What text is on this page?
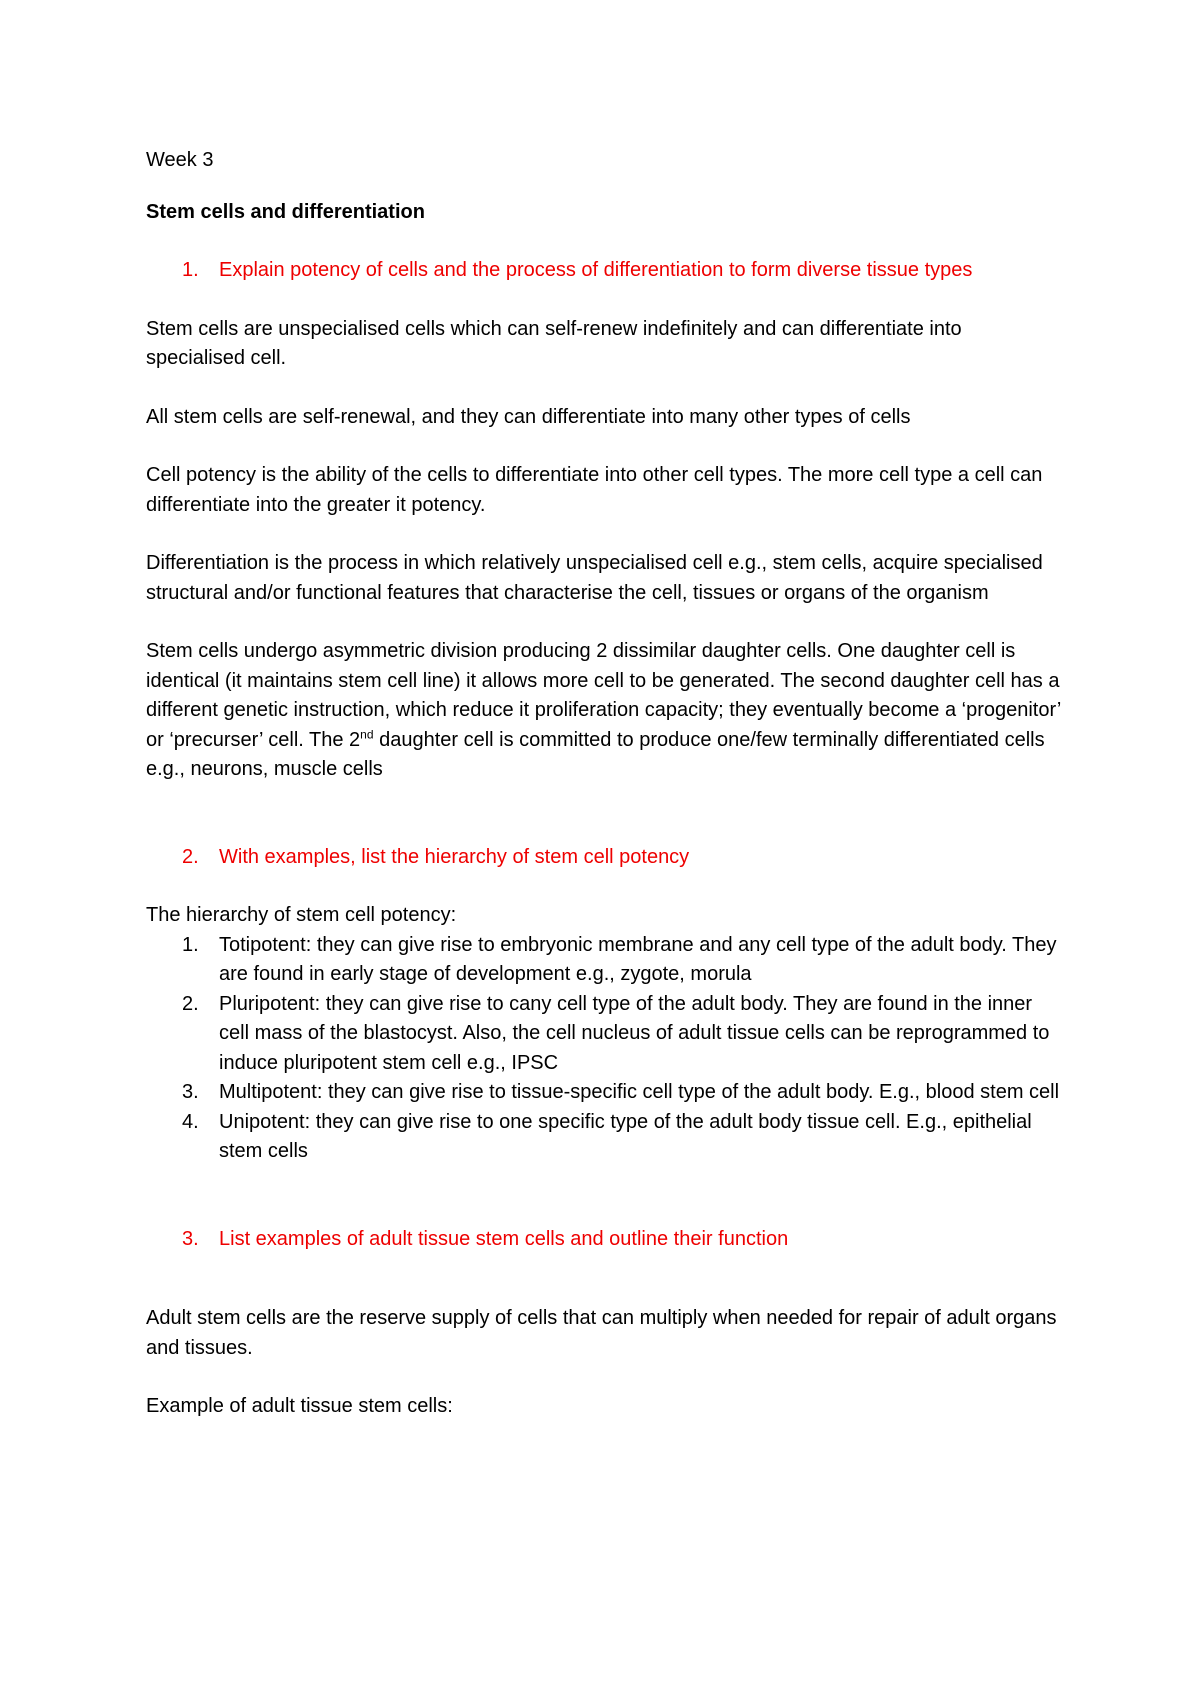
Week 3

Stem cells and differentiation

1.	Explain potency of cells and the process of differentiation to form diverse tissue types

Stem cells are unspecialised cells which can self-renew indefinitely and can differentiate into specialised cell.

All stem cells are self-renewal, and they can differentiate into many other types of cells

Cell potency is the ability of the cells to differentiate into other cell types. The more cell type a cell can differentiate into the greater it potency.

Differentiation is the process in which relatively unspecialised cell e.g., stem cells, acquire specialised structural and/or functional features that characterise the cell, tissues or organs of the organism

Stem cells undergo asymmetric division producing 2 dissimilar daughter cells. One daughter cell is identical (it maintains stem cell line) it allows more cell to be generated. The second daughter cell has a different genetic instruction, which reduce it proliferation capacity; they eventually become a ‘progenitor’ or ‘precurser’ cell. The 2nd daughter cell is committed to produce one/few terminally differentiated cells e.g., neurons, muscle cells

2.	With examples, list the hierarchy of stem cell potency

The hierarchy of stem cell potency:

1.	Totipotent: they can give rise to embryonic membrane and any cell type of the adult body. They are found in early stage of development e.g., zygote, morula
2.	Pluripotent: they can give rise to cany cell type of the adult body. They are found in the inner cell mass of the blastocyst. Also, the cell nucleus of adult tissue cells can be reprogrammed to induce pluripotent stem cell e.g., IPSC
3.	Multipotent: they can give rise to tissue-specific cell type of the adult body. E.g., blood stem cell
4.	Unipotent: they can give rise to one specific type of the adult body tissue cell. E.g., epithelial stem cells
3.	List examples of adult tissue stem cells and outline their function

Adult stem cells are the reserve supply of cells that can multiply when needed for repair of adult organs and tissues.

Example of adult tissue stem cells:
